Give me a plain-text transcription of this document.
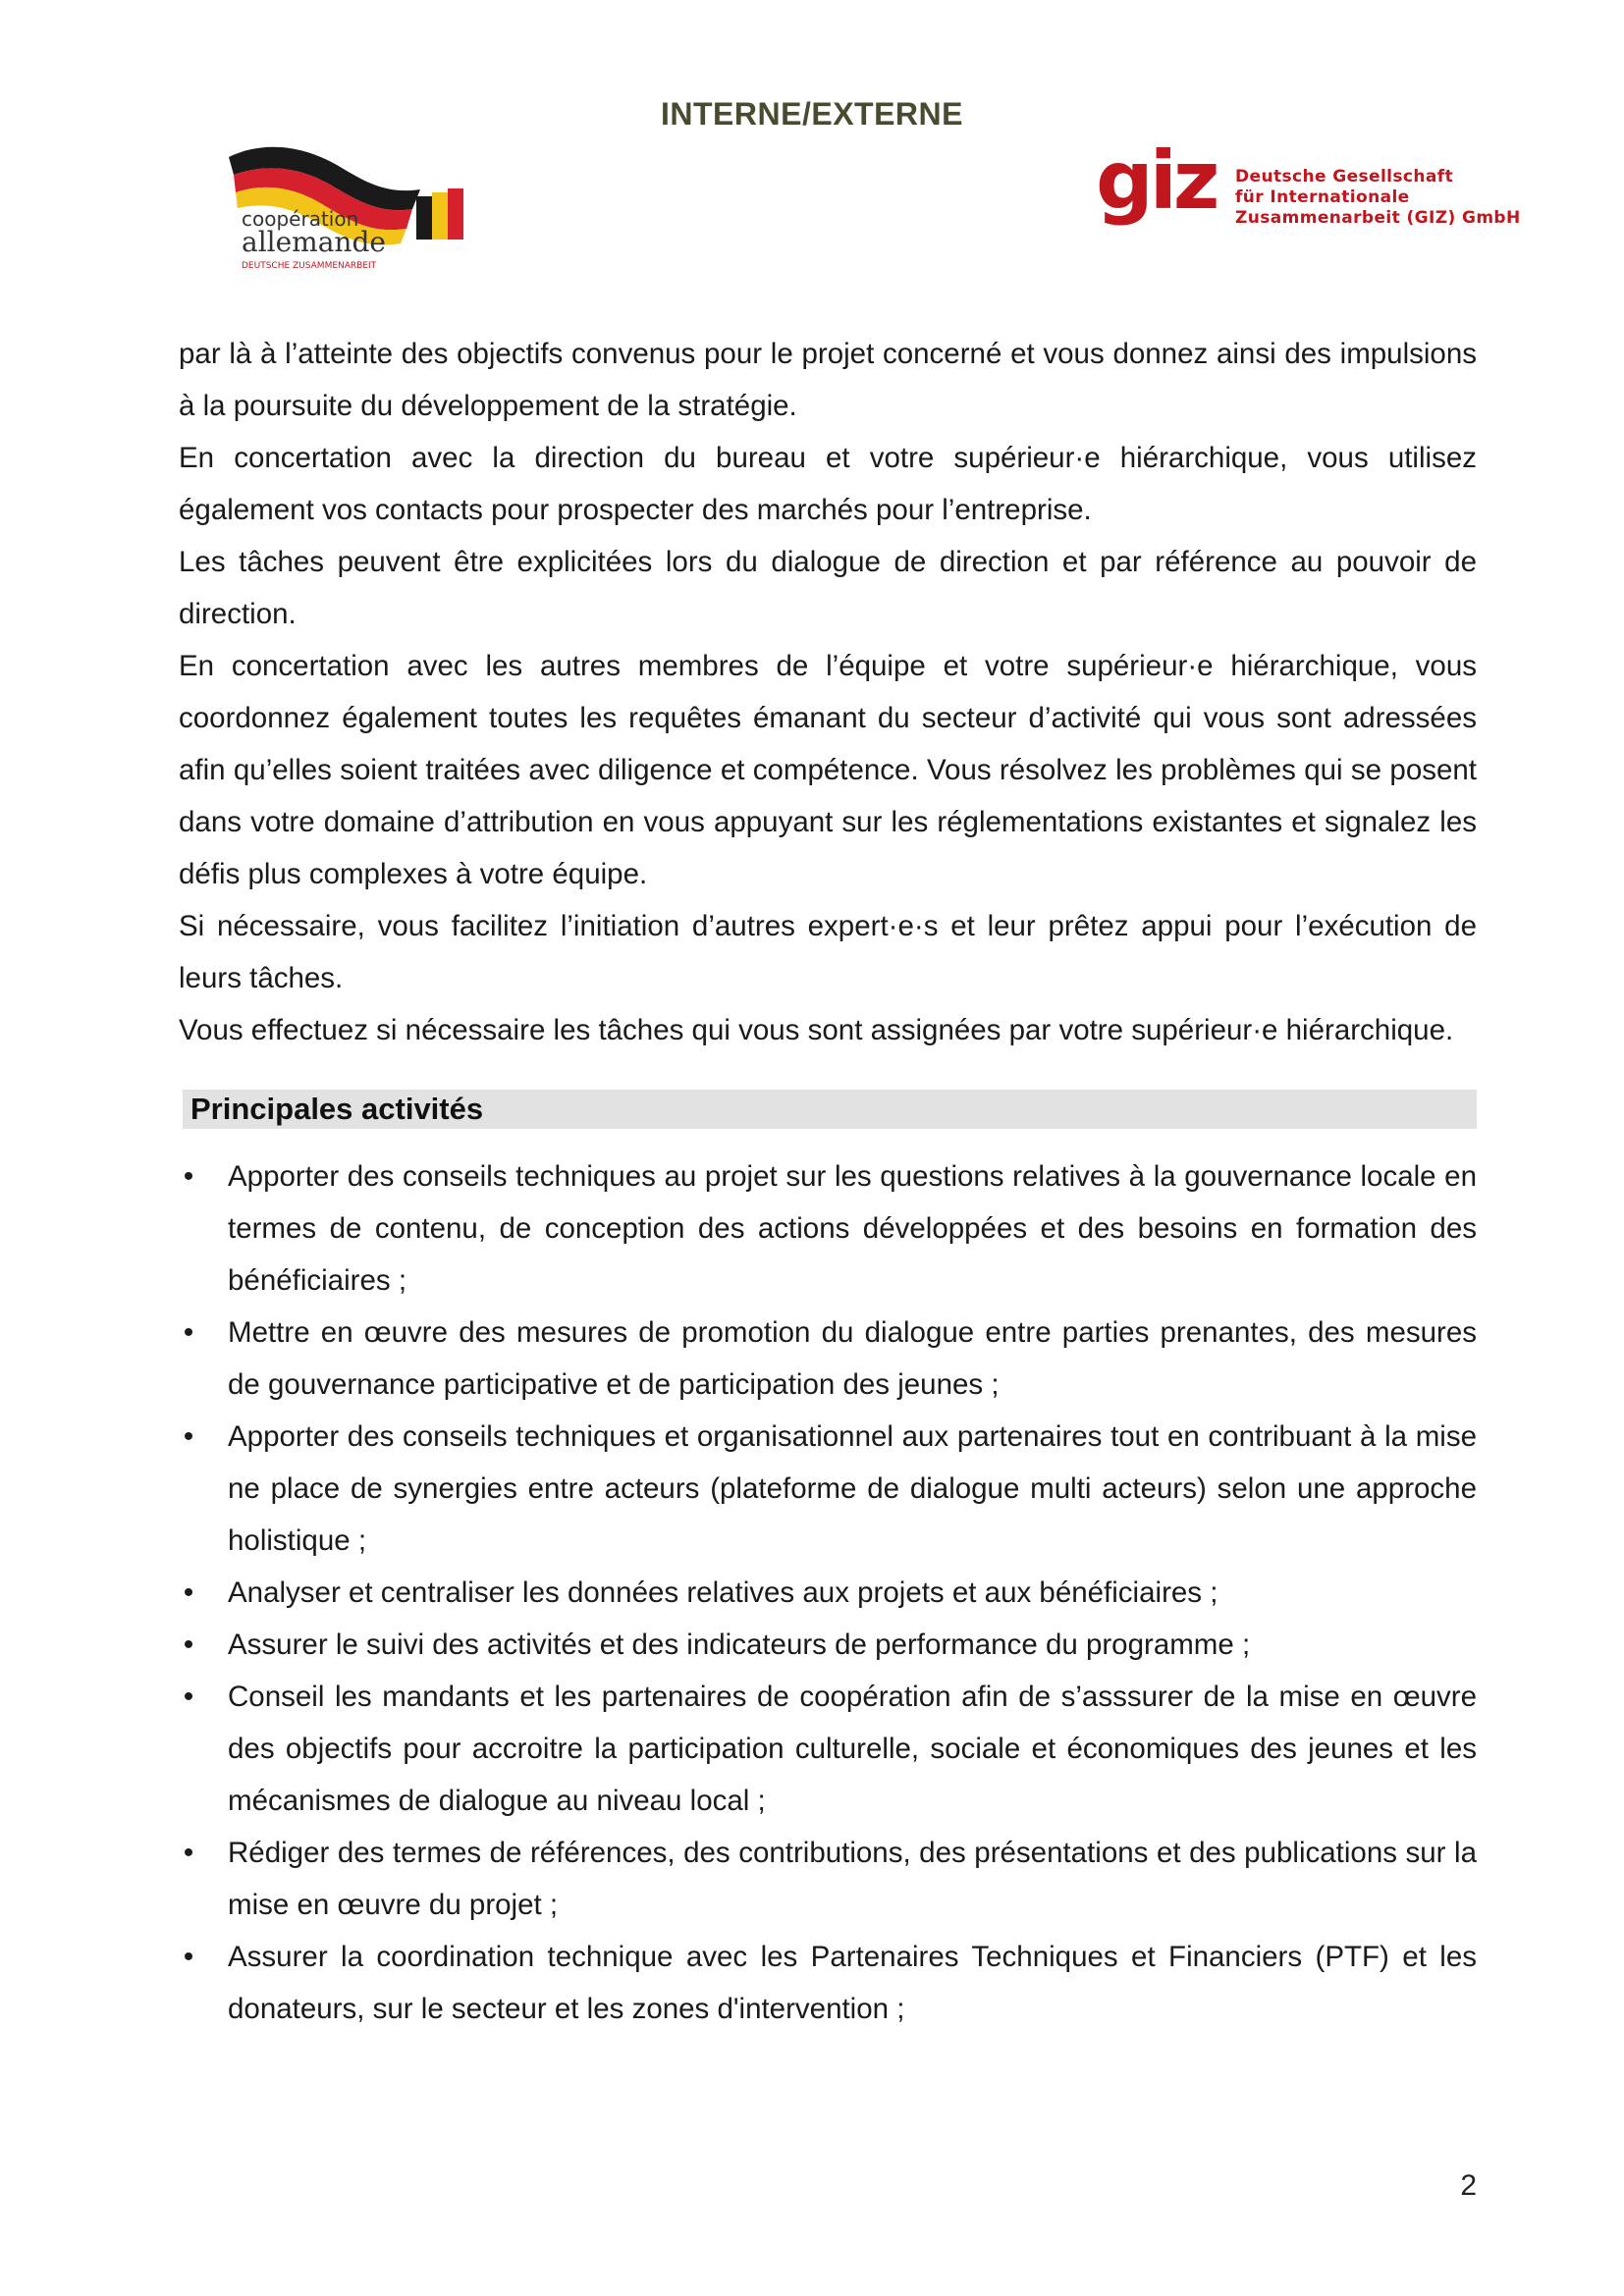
INTERNE/EXTERNE
coopération
allemande
DEUTSCHE ZUSAMMENARBEIT
giz Deutsche Gesellschaft
für Internationale
Zusammenarbeit (GIZ) GmbH

par là à l’atteinte des objectifs convenus pour le projet concerné et vous donnez ainsi des impulsions à la poursuite du développement de la stratégie.

En concertation avec la direction du bureau et votre supérieur·e hiérarchique, vous utilisez également vos contacts pour prospecter des marchés pour l’entreprise.

Les tâches peuvent être explicitées lors du dialogue de direction et par référence au pouvoir de direction.

En concertation avec les autres membres de l’équipe et votre supérieur·e hiérarchique, vous coordonnez également toutes les requêtes émanant du secteur d’activité qui vous sont adressées afin qu’elles soient traitées avec diligence et compétence. Vous résolvez les problèmes qui se posent dans votre domaine d’attribution en vous appuyant sur les réglementations existantes et signalez les défis plus complexes à votre équipe.

Si nécessaire, vous facilitez l’initiation d’autres expert·e·s et leur prêtez appui pour l’exécution de leurs tâches.

Vous effectuez si nécessaire les tâches qui vous sont assignées par votre supérieur·e hiérarchique.

Principales activités
• Apporter des conseils techniques au projet sur les questions relatives à la gouvernance locale en termes de contenu, de conception des actions développées et des besoins en formation des bénéficiaires ;
• Mettre en œuvre des mesures de promotion du dialogue entre parties prenantes, des mesures de gouvernance participative et de participation des jeunes ;
• Apporter des conseils techniques et organisationnel aux partenaires tout en contribuant à la mise ne place de synergies entre acteurs (plateforme de dialogue multi acteurs) selon une approche holistique ;
• Analyser et centraliser les données relatives aux projets et aux bénéficiaires ;
• Assurer le suivi des activités et des indicateurs de performance du programme ;
• Conseil les mandants et les partenaires de coopération afin de s’asssurer de la mise en œuvre des objectifs pour accroitre la participation culturelle, sociale et économiques des jeunes et les mécanismes de dialogue au niveau local ;
• Rédiger des termes de références, des contributions, des présentations et des publications sur la mise en œuvre du projet ;
• Assurer la coordination technique avec les Partenaires Techniques et Financiers (PTF) et les donateurs, sur le secteur et les zones d'intervention ;
2
